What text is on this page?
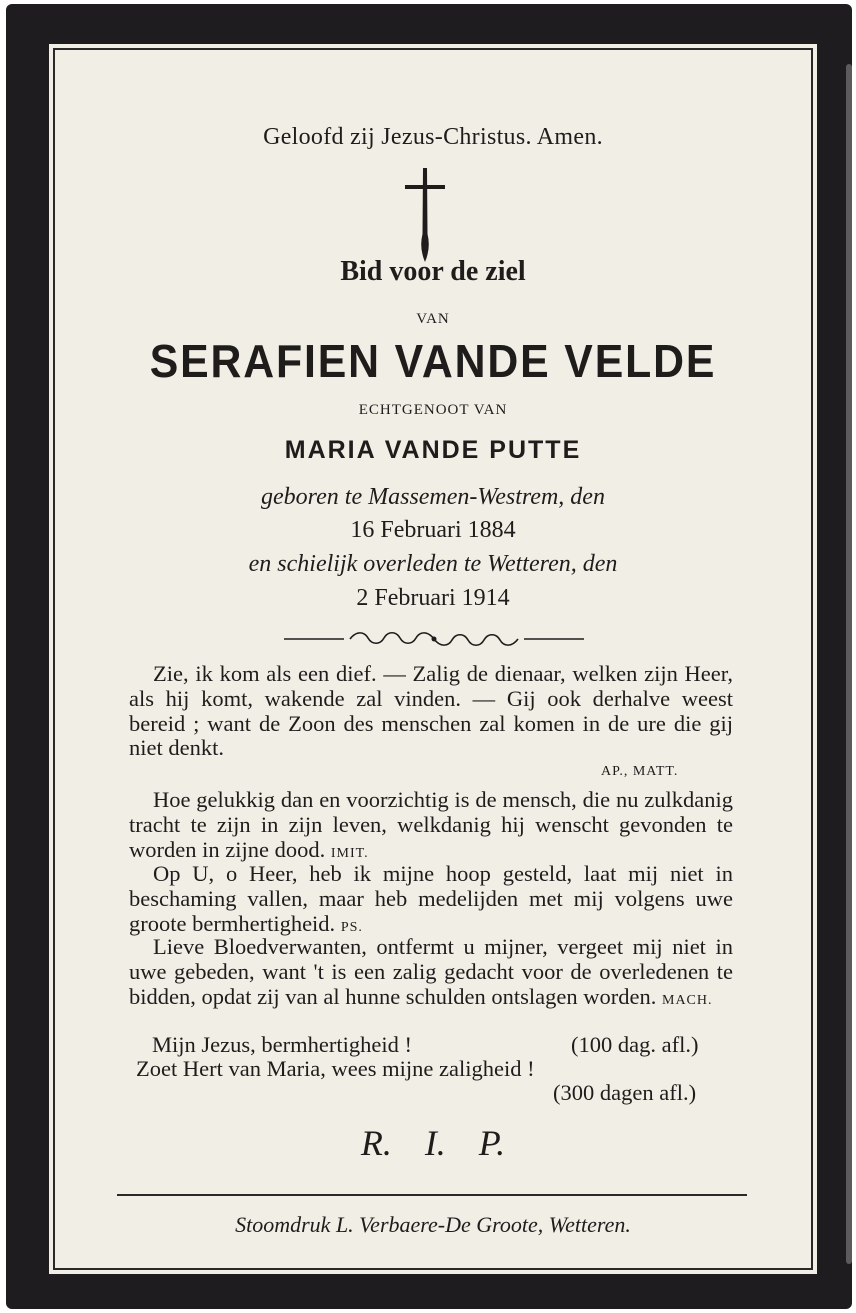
Geloofd zij Jezus-Christus. Amen.
Bid voor de ziel
VAN
SERAFIEN VANDE VELDE
ECHTGENOOT VAN
MARIA VANDE PUTTE
geboren te Massemen-Westrem, den
16 Februari 1884
en schielijk overleden te Wetteren, den
2 Februari 1914
Zie, ik kom als een dief. — Zalig de dienaar, welken zijn Heer, als hij komt, wakende zal vinden. — Gij ook derhalve weest bereid ; want de Zoon des menschen zal komen in de ure die gij niet denkt.
AP., MATT.
Hoe gelukkig dan en voorzichtig is de mensch, die nu zulkdanig tracht te zijn in zijn leven, welkdanig hij wenscht gevonden te worden in zijne dood. IMIT.
Op U, o Heer, heb ik mijne hoop gesteld, laat mij niet in beschaming vallen, maar heb medelijden met mij volgens uwe groote bermhertigheid. PS.
Lieve Bloedverwanten, ontfermt u mijner, vergeet mij niet in uwe gebeden, want 't is een zalig gedacht voor de overledenen te bidden, opdat zij van al hunne schulden ontslagen worden. MACH.
Mijn Jezus, bermhertigheid !	(100 dag. afl.)
Zoet Hert van Maria, wees mijne zaligheid !
(300 dagen afl.)
R. I. P.
Stoomdruk L. Verbaere-De Groote, Wetteren.
